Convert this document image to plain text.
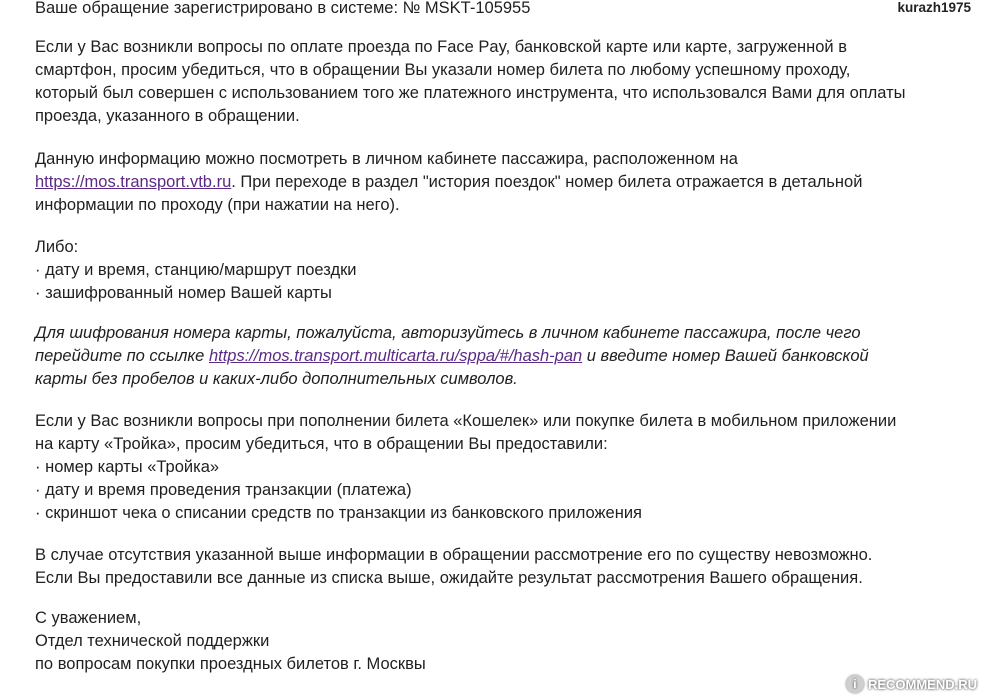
Ваше обращение зарегистрировано в системе: № MSKT-105955	kurazh1975
Если у Вас возникли вопросы по оплате проезда по Face Pay, банковской карте или карте, загруженной в
смартфон, просим убедиться, что в обращении Вы указали номер билета по любому успешному проходу,
который был совершен с использованием того же платежного инструмента, что использовался Вами для оплаты
проезда, указанного в обращении.
Данную информацию можно посмотреть в личном кабинете пассажира, расположенном на
https://mos.transport.vtb.ru. При переходе в раздел "история поездок" номер билета отражается в детальной
информации по проходу (при нажатии на него).
Либо:
· дату и время, станцию/маршрут поездки
· зашифрованный номер Вашей карты
Для шифрования номера карты, пожалуйста, авторизуйтесь в личном кабинете пассажира, после чего
перейдите по ссылке https://mos.transport.multicarta.ru/sppa/#/hash-pan и введите номер Вашей банковской
карты без пробелов и каких-либо дополнительных символов.
Если у Вас возникли вопросы при пополнении билета «Кошелек» или покупке билета в мобильном приложении
на карту «Тройка», просим убедиться, что в обращении Вы предоставили:
· номер карты «Тройка»
· дату и время проведения транзакции (платежа)
· скриншот чека о списании средств по транзакции из банковского приложения
В случае отсутствия указанной выше информации в обращении рассмотрение его по существу невозможно.
Если Вы предоставили все данные из списка выше, ожидайте результат рассмотрения Вашего обращения.
С уважением,
Отдел технической поддержки
по вопросам покупки проездных билетов г. Москвы
i RECOMMEND.RU
